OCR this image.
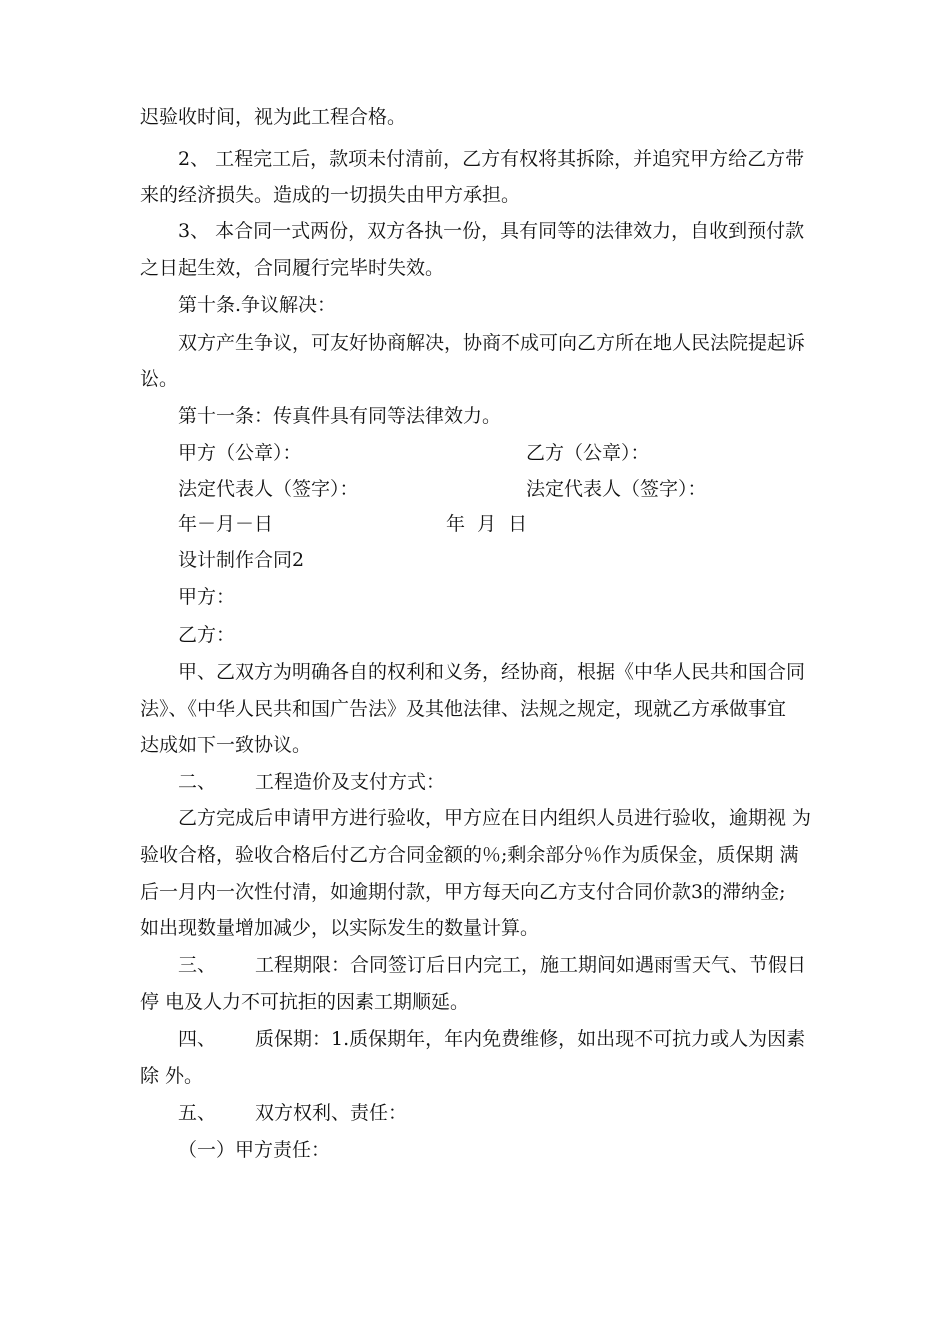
迟验收时间，视为此工程合格。
2、 工程完工后，款项未付清前，乙方有权将其拆除，并追究甲方给乙方带
来的经济损失。造成的一切损失由甲方承担。
3、 本合同一式两份，双方各执一份，具有同等的法律效力，自收到预付款
之日起生效，合同履行完毕时失效。
第十条.争议解决：
双方产生争议，可友好协商解决，协商不成可向乙方所在地人民法院提起诉
讼。
第十一条：传真件具有同等法律效力。
甲方（公章）：	乙方（公章）：
法定代表人（签字）：	法定代表人（签字）：
年－月－日	年  月  日
设计制作合同2
甲方：
乙方：
甲、乙双方为明确各自的权利和义务，经协商，根据《中华人民共和国合同
法》、《中华人民共和国广告法》及其他法律、法规之规定，现就乙方承做事宜
达成如下一致协议。
二、 工程造价及支付方式：
乙方完成后申请甲方进行验收，甲方应在日内组织人员进行验收，逾期视 为
验收合格，验收合格后付乙方合同金额的％;剩余部分％作为质保金，质保期 满
后一月内一次性付清，如逾期付款，甲方每天向乙方支付合同价款3的滞纳金;
如出现数量增加减少，以实际发生的数量计算。
三、 工程期限：合同签订后日内完工，施工期间如遇雨雪天气、节假日
停 电及人力不可抗拒的因素工期顺延。
四、 质保期：1.质保期年，年内免费维修，如出现不可抗力或人为因素
除 外。
五、 双方权利、责任：
（一）甲方责任：
